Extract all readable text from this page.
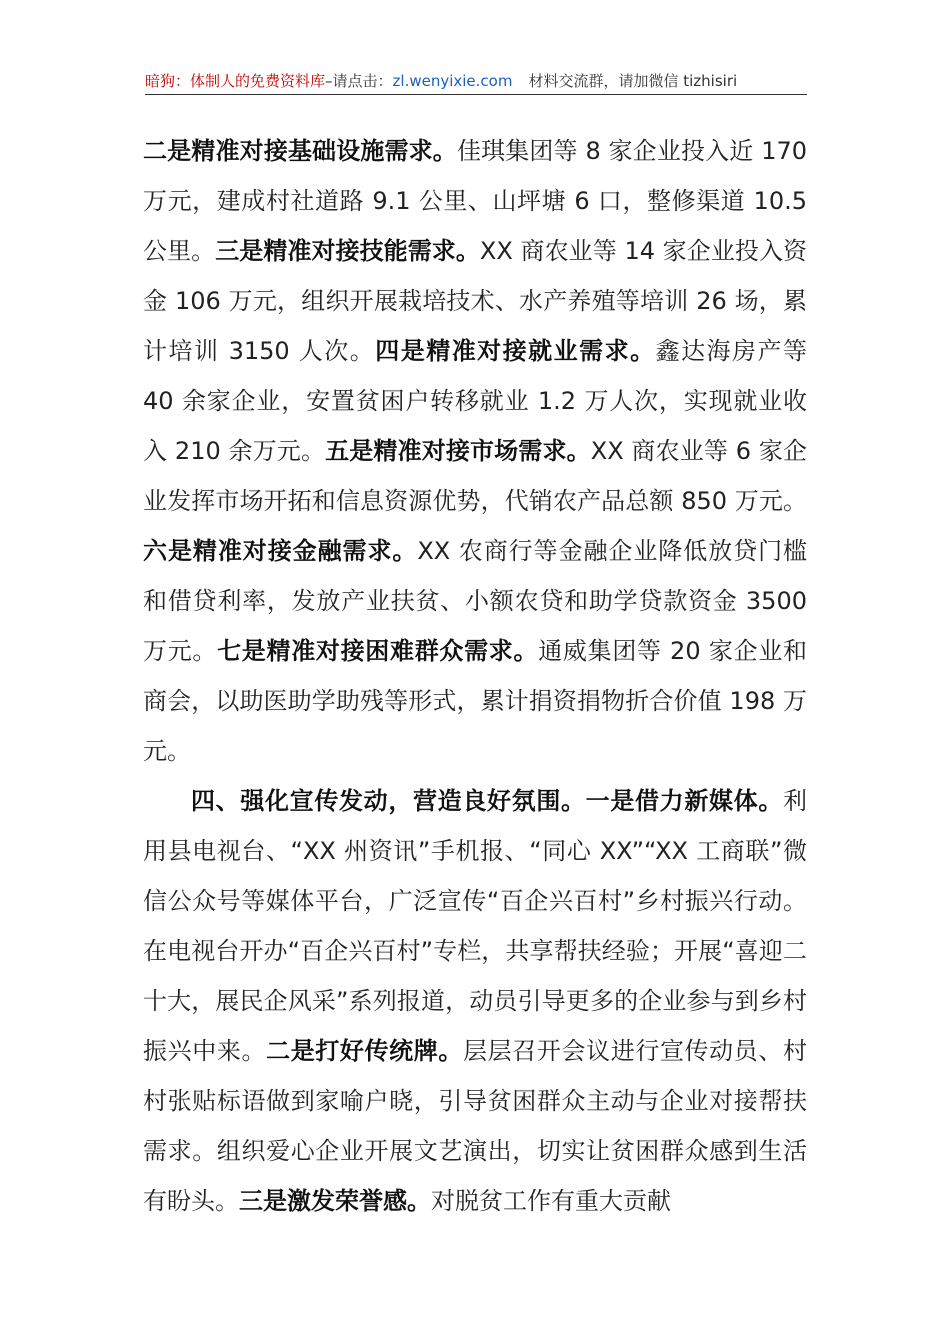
暗狗：体制人的免费资料库–请点击：zl.wenyixie.com 材料交流群，请加微信 tizhisiri

二是精准对接基础设施需求。佳琪集团等 8 家企业投入近 170 万元，建成村社道路 9.1 公里、山坪塘 6 口，整修渠道 10.5 公里。三是精准对接技能需求。XX 商农业等 14 家企业投入资金 106 万元，组织开展栽培技术、水产养殖等培训 26 场，累计培训 3150 人次。四是精准对接就业需求。鑫达海房产等 40 余家企业，安置贫困户转移就业 1.2 万人次，实现就业收入 210 余万元。五是精准对接市场需求。XX 商农业等 6 家企业发挥市场开拓和信息资源优势，代销农产品总额 850 万元。六是精准对接金融需求。XX 农商行等金融企业降低放贷门槛和借贷利率，发放产业扶贫、小额农贷和助学贷款资金 3500 万元。七是精准对接困难群众需求。通威集团等 20 家企业和商会，以助医助学助残等形式，累计捐资捐物折合价值 198 万元。

四、强化宣传发动，营造良好氛围。一是借力新媒体。利用县电视台、“XX 州资讯”手机报、“同心 XX”“XX 工商联”微信公众号等媒体平台，广泛宣传“百企兴百村”乡村振兴行动。在电视台开办“百企兴百村”专栏，共享帮扶经验；开展“喜迎二十大，展民企风采”系列报道，动员引导更多的企业参与到乡村振兴中来。二是打好传统牌。层层召开会议进行宣传动员、村村张贴标语做到家喻户晓，引导贫困群众主动与企业对接帮扶需求。组织爱心企业开展文艺演出，切实让贫困群众感到生活有盼头。三是激发荣誉感。对脱贫工作有重大贡献
